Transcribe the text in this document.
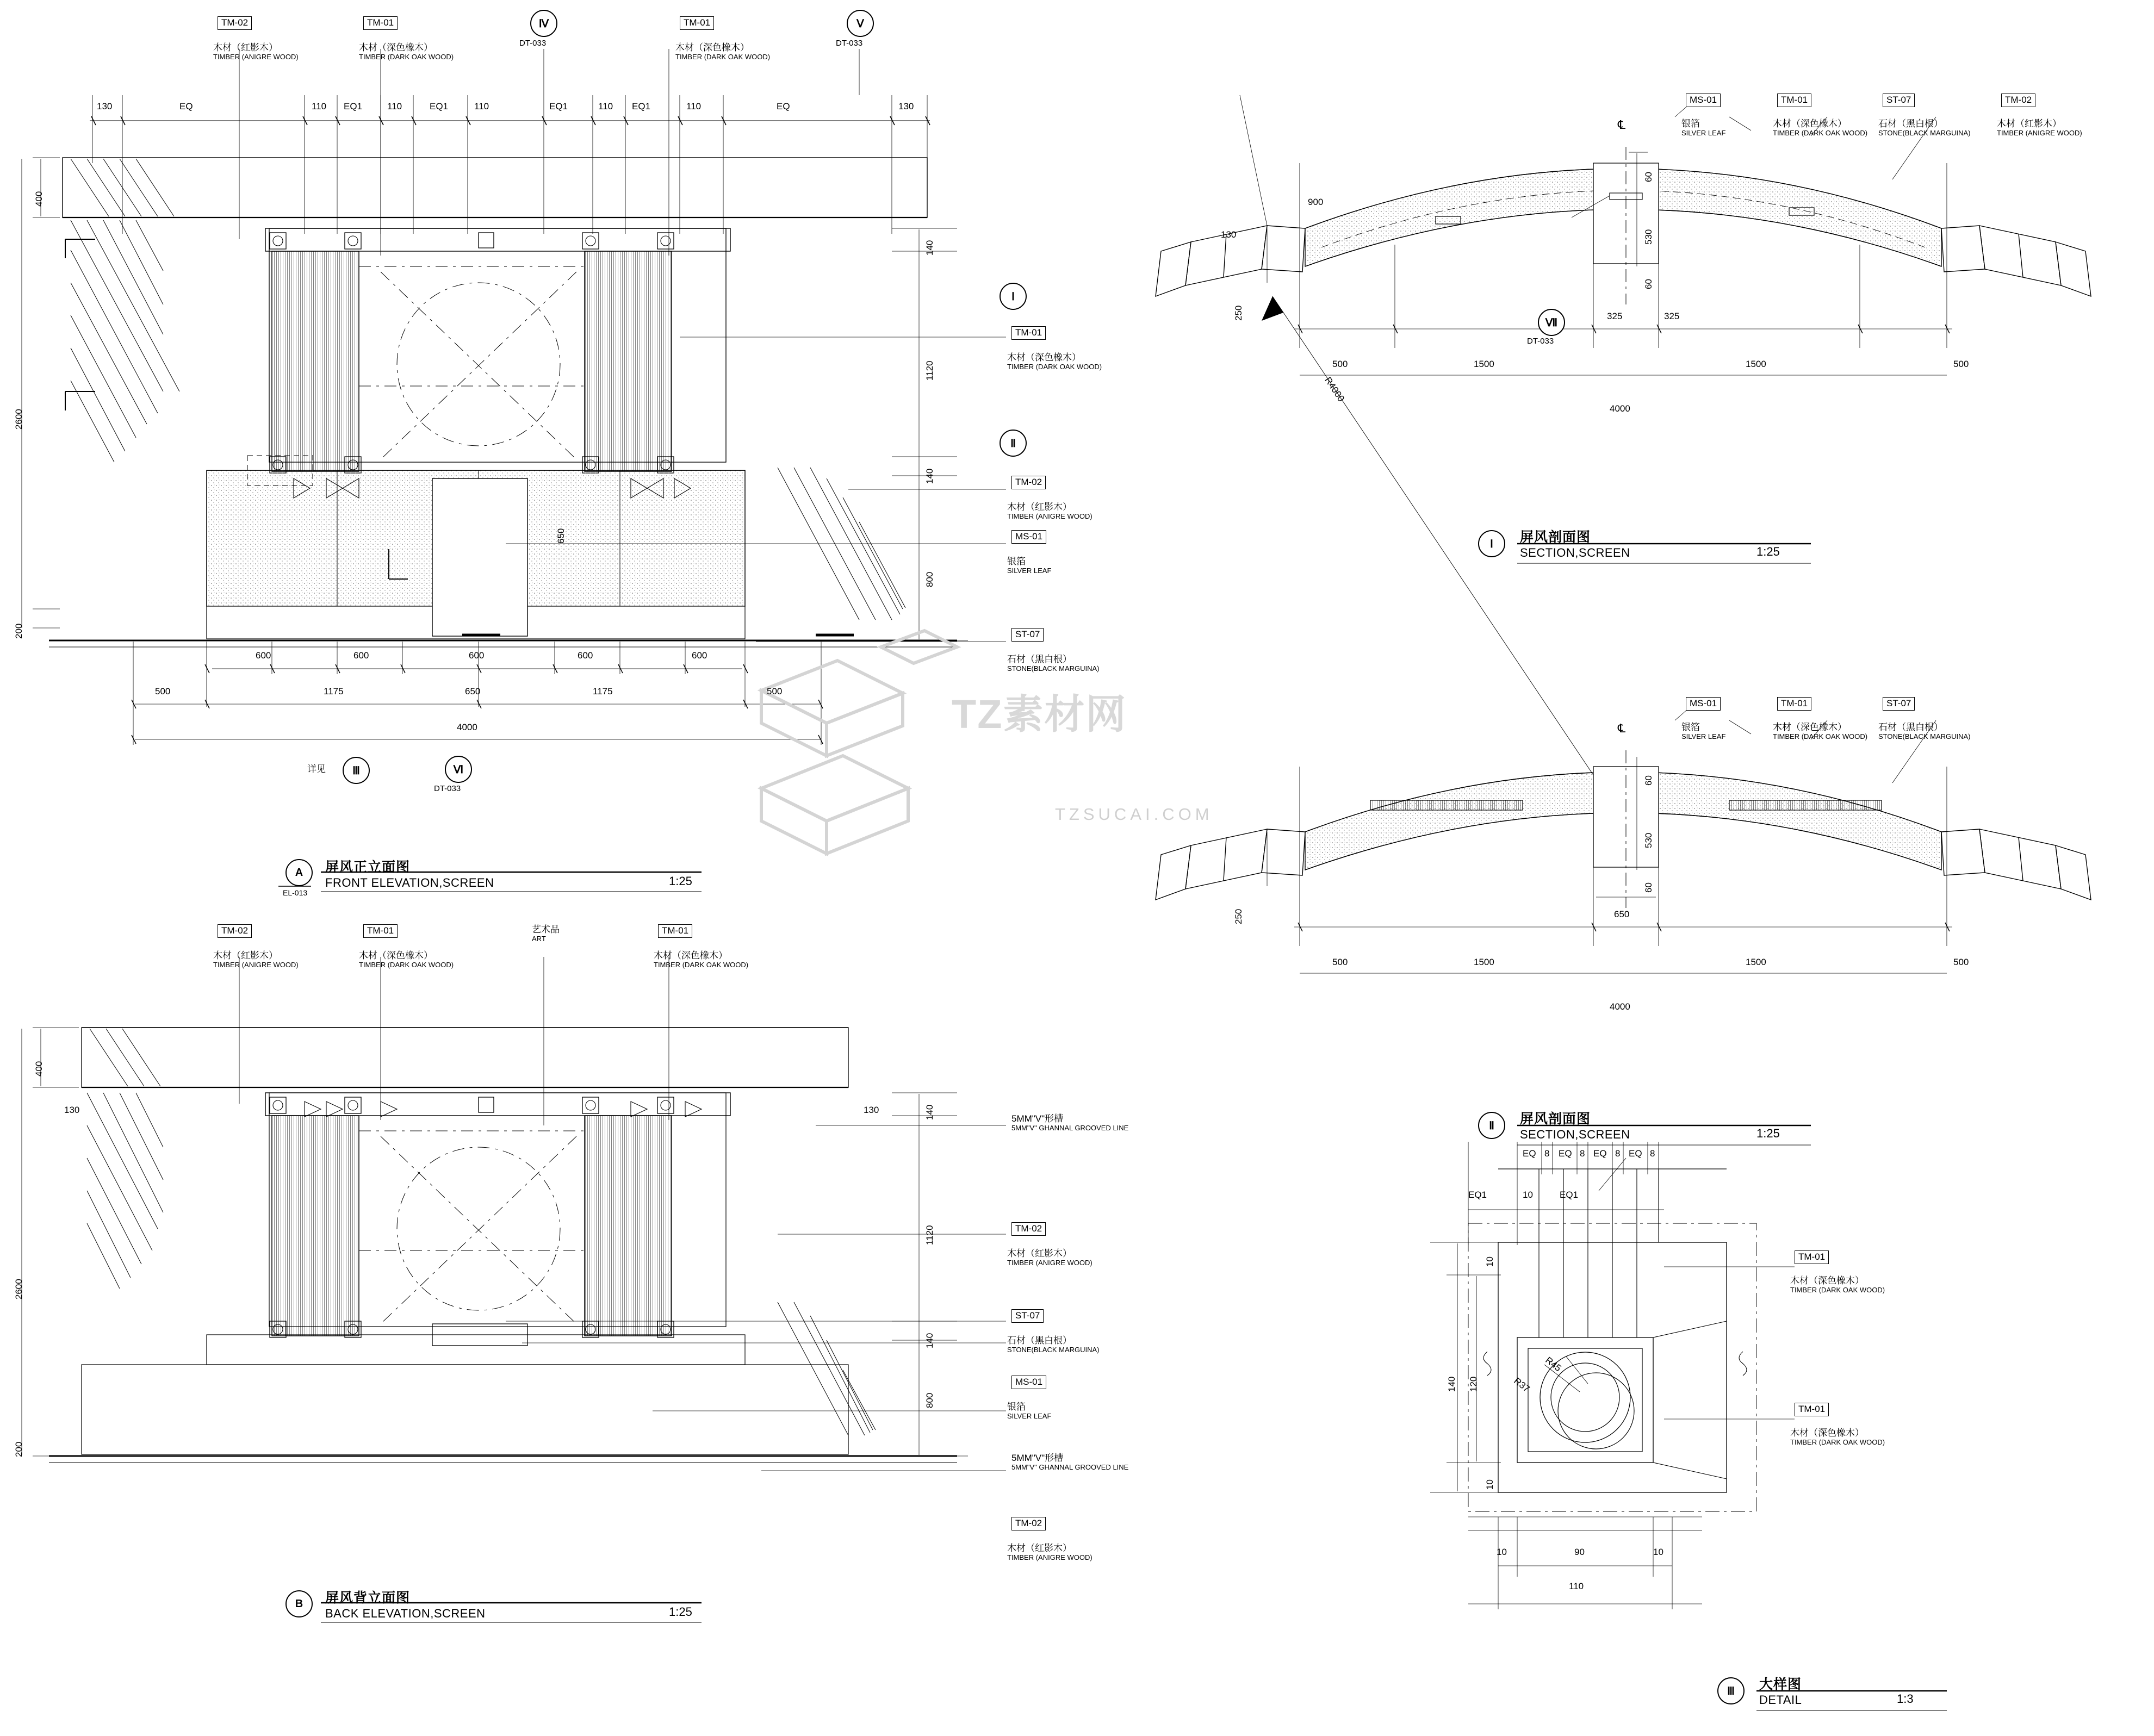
TZ素材网
TZSUCAI.COM
TM-02
木材（红影木）
TIMBER (ANIGRE WOOD)
TM-01
木材（深色橡木）
TIMBER (DARK OAK WOOD)
TM-01
木材（深色橡木）
TIMBER (DARK OAK WOOD)
Ⅳ
DT-033
Ⅴ
DT-033
130	EQ	110 EQ1	110	EQ1	110	EQ1	110 EQ1	110	EQ	130
400
2600
200
140
1120
140
800
650
600	600	600	600	600
500	1175	650	1175	500
4000
Ⅰ
TM-01
木材（深色橡木）
TIMBER (DARK OAK WOOD)
Ⅱ
TM-02
木材（红影木）
TIMBER (ANIGRE WOOD)
MS-01
银箔
SILVER LEAF
ST-07
石材（黑白根）
STONE(BLACK MARGUINA)
详见	Ⅲ	Ⅵ
DT-033
A
EL-013
屏风正立面图
FRONT ELEVATION,SCREEN	1:25
TM-02
木材（红影木）
TIMBER (ANIGRE WOOD)
TM-01
木材（深色橡木）
TIMBER (DARK OAK WOOD)
艺术品
ART
TM-01
木材（深色橡木）
TIMBER (DARK OAK WOOD)
400
2600
200
130	130	140
1120
140
800
5MM"V"形槽
5MM"V" GHANNAL GROOVED LINE
TM-02
木材（红影木）
TIMBER (ANIGRE WOOD)
ST-07
石材（黑白根）
STONE(BLACK MARGUINA)
MS-01
银箔
SILVER LEAF
5MM"V"形槽
5MM"V" GHANNAL GROOVED LINE
TM-02
木材（红影木）
TIMBER (ANIGRE WOOD)
B	屏风背立面图
BACK ELEVATION,SCREEN	1:25
℄
MS-01
银箔
SILVER LEAF
TM-01
木材（深色橡木）
TIMBER (DARK OAK WOOD)
ST-07
石材（黑白根）
STONE(BLACK MARGUINA)
TM-02
木材（红影木）
TIMBER (ANIGRE WOOD)
900
130
250
60
530
60
325	325
500	1500	1500	500
4000
R4000
Ⅶ
DT-033
Ⅰ	屏风剖面图
SECTION,SCREEN	1:25
℄
MS-01
银箔
SILVER LEAF
TM-01
木材（深色橡木）
TIMBER (DARK OAK WOOD)
ST-07
石材（黑白根）
STONE(BLACK MARGUINA)
250
60
530
60
650
500	1500	1500	500
4000
Ⅱ	屏风剖面图
SECTION,SCREEN	1:25
EQ 8 EQ 8 EQ 8 EQ 8
EQ1	10	EQ1
140 120
10
10
10	90	10
110
R45
R37
TM-01
木材（深色橡木）
TIMBER (DARK OAK WOOD)
TM-01
木材（深色橡木）
TIMBER (DARK OAK WOOD)
Ⅲ	大样图
DETAIL	1:3
